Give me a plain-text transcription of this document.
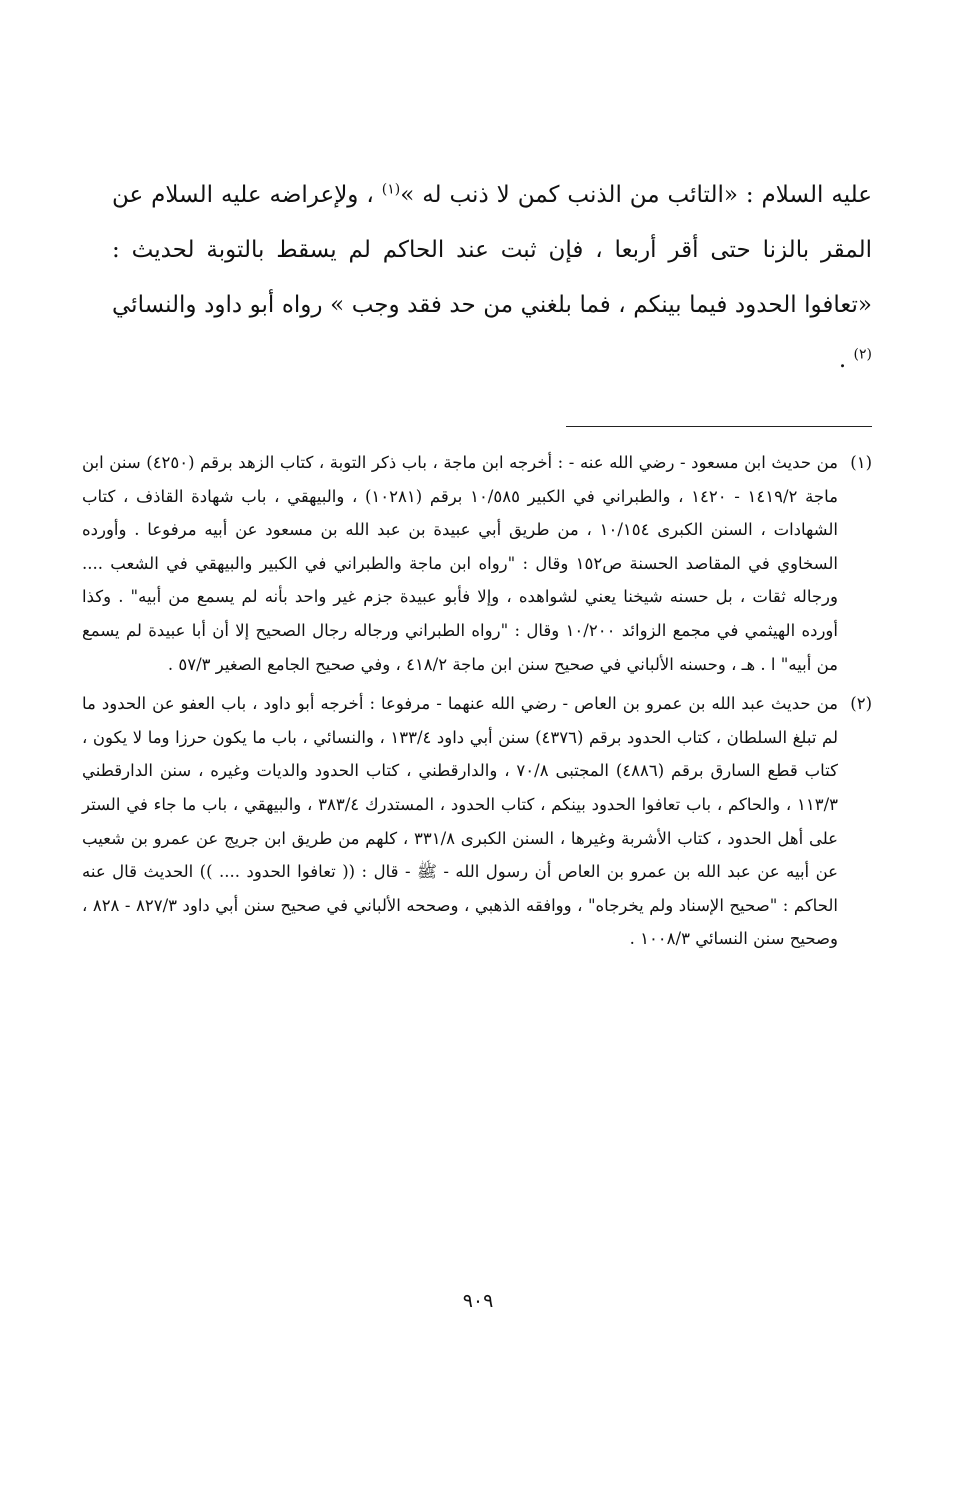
عليه السلام : «التائب من الذنب كمن لا ذنب له »$^{(١)}$ ، ولإعراضه عليه السلام عن المقر بالزنا حتى أقر أربعا ، فإن ثبت عند الحاكم لم يسقط بالتوبة لحديث : «تعافوا الحدود فيما بينكم ، فما بلغني من حد فقد وجب » رواه أبو داود والنسائي $^{(٢)}$ .

(١)
من حديث ابن مسعود - رضي الله عنه - : أخرجه ابن ماجة ، باب ذكر التوبة ، كتاب الزهد برقم (٤٢٥٠) سنن ابن ماجة ١٤١٩/٢ - ١٤٢٠ ، والطبراني في الكبير ١٠/٥٨٥ برقم (١٠٢٨١) ، والبيهقي ، باب شهادة القاذف ، كتاب الشهادات ، السنن الكبرى ١٠/١٥٤ ، من طريق أبي عبيدة بن عبد الله بن مسعود عن أبيه مرفوعا . وأورده السخاوي في المقاصد الحسنة ص١٥٢ وقال : "رواه ابن ماجة والطبراني في الكبير والبيهقي في الشعب .... ورجاله ثقات ، بل حسنه شيخنا يعني لشواهده ، وإلا فأبو عبيدة جزم غير واحد بأنه لم يسمع من أبيه" . وكذا أورده الهيثمي في مجمع الزوائد ١٠/٢٠٠ وقال : "رواه الطبراني ورجاله رجال الصحيح إلا أن أبا عبيدة لم يسمع من أبيه" ا . هـ ، وحسنه الألباني في صحيح سنن ابن ماجة ٤١٨/٢ ، وفي صحيح الجامع الصغير ٥٧/٣ .

(٢)
من حديث عبد الله بن عمرو بن العاص - رضي الله عنهما - مرفوعا : أخرجه أبو داود ، باب العفو عن الحدود ما لم تبلغ السلطان ، كتاب الحدود برقم (٤٣٧٦) سنن أبي داود ١٣٣/٤ ، والنسائي ، باب ما يكون حرزا وما لا يكون ، كتاب قطع السارق برقم (٤٨٨٦) المجتبى ٧٠/٨ ، والدارقطني ، كتاب الحدود والديات وغيره ، سنن الدارقطني ١١٣/٣ ، والحاكم ، باب تعافوا الحدود بينكم ، كتاب الحدود ، المستدرك ٣٨٣/٤ ، والبيهقي ، باب ما جاء في الستر على أهل الحدود ، كتاب الأشربة وغيرها ، السنن الكبرى ٣٣١/٨ ، كلهم من طريق ابن جريج عن عمرو بن شعيب عن أبيه عن عبد الله بن عمرو بن العاص أن رسول الله - ﷺ - قال : (( تعافوا الحدود .... )) الحديث قال عنه الحاكم : "صحيح الإسناد ولم يخرجاه" ، ووافقه الذهبي ، وصححه الألباني في صحيح سنن أبي داود ٨٢٧/٣ - ٨٢٨ ، وصحيح سنن النسائي ١٠٠٨/٣ .

٩٠٩
